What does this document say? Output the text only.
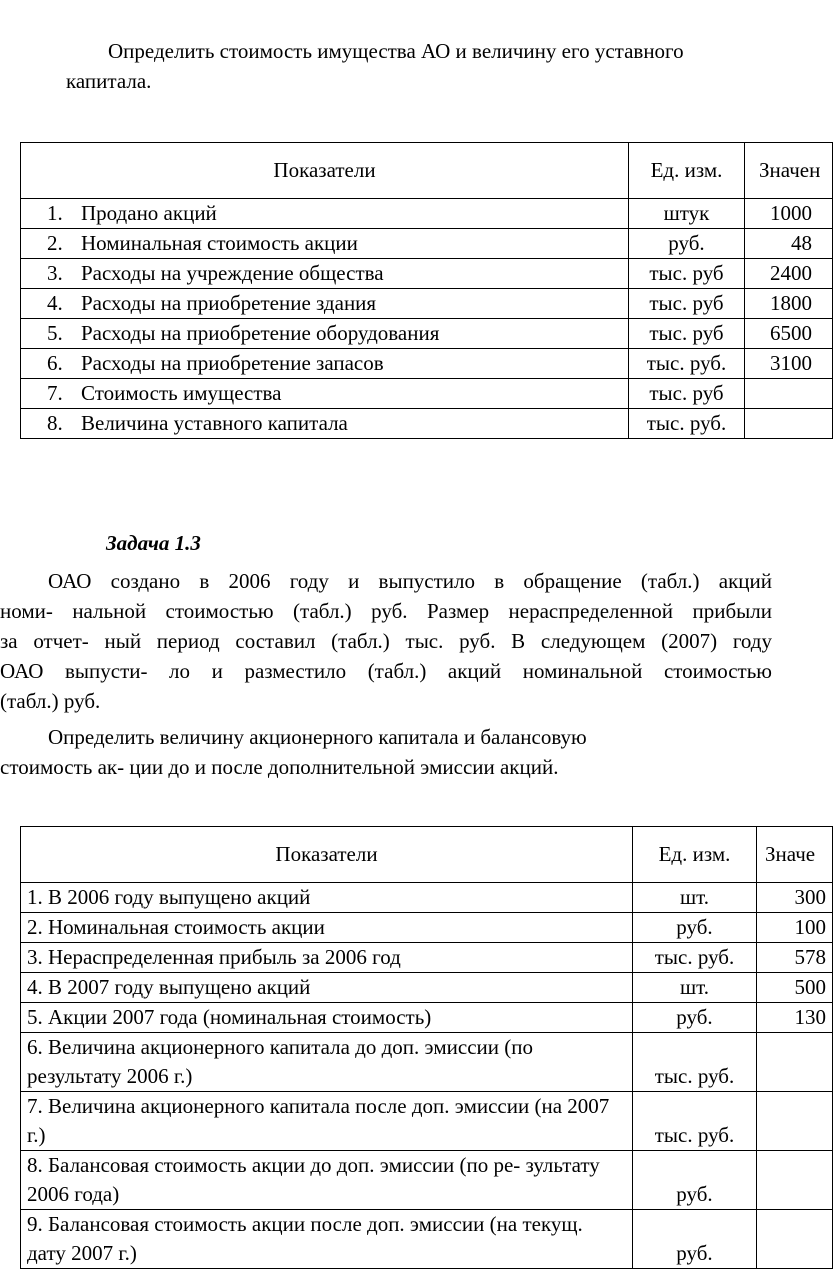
Определить стоимость имущества АО и величину его уставного

капитала.

Показатели	Ед. изм.	Значен

1. Продано акций	штук	1000

2. Номинальная стоимость акции	руб.	48

3. Расходы на учреждение общества	тыс. руб	2400

4. Расходы на приобретение здания	тыс. руб	1800

5. Расходы на приобретение оборудования	тыс. руб	6500

6. Расходы на приобретение запасов	тыс. руб.	3100

7. Стоимость имущества	тыс. руб	

8. Величина уставного капитала	тыс. руб.	

Задача 1.3

ОАО создано в 2006 году и выпустило в обращение (табл.) акций

номи- нальной стоимостью (табл.) руб. Размер нераспределенной прибыли

за отчет- ный период составил (табл.) тыс. руб. В следующем (2007) году

ОАО выпусти- ло и разместило (табл.) акций номинальной стоимостью

(табл.) руб.

Определить величину акционерного капитала и балансовую

стоимость ак- ции до и после дополнительной эмиссии акций.

Показатели	Ед. изм.	Значе
1. В 2006 году выпущено акций	шт.	300
2. Номинальная стоимость акции	руб.	100
3. Нераспределенная прибыль за 2006 год	тыс. руб.	578
4. В 2007 году выпущено акций	шт.	500
5. Акции 2007 года (номинальная стоимость)	руб.	130
6. Величина акционерного капитала до доп. эмиссии (по результату 2006 г.)	тыс. руб.	
7. Величина акционерного капитала после доп. эмиссии (на 2007 г.)	тыс. руб.	
8. Балансовая стоимость акции до доп. эмиссии (по ре- зультату 2006 года)	руб.	
9. Балансовая стоимость акции после доп. эмиссии (на текущ. дату 2007 г.)	руб.	
